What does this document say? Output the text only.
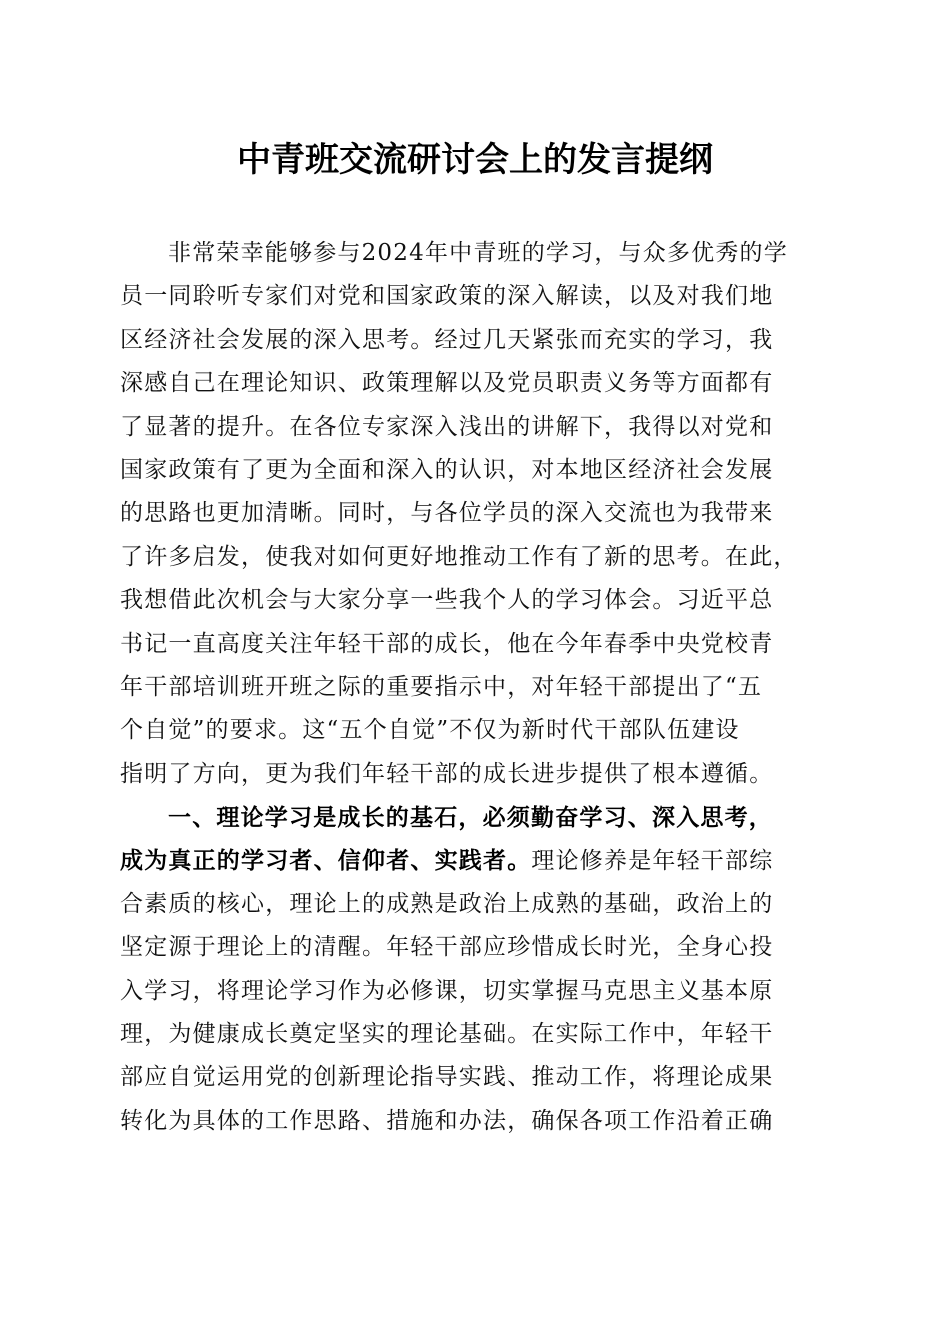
中青班交流研讨会上的发言提纲
非常荣幸能够参与2024年中青班的学习，与众多优秀的学
员一同聆听专家们对党和国家政策的深入解读，以及对我们地
区经济社会发展的深入思考。经过几天紧张而充实的学习，我
深感自己在理论知识、政策理解以及党员职责义务等方面都有
了显著的提升。在各位专家深入浅出的讲解下，我得以对党和
国家政策有了更为全面和深入的认识，对本地区经济社会发展
的思路也更加清晰。同时，与各位学员的深入交流也为我带来
了许多启发，使我对如何更好地推动工作有了新的思考。在此，
我想借此次机会与大家分享一些我个人的学习体会。习近平总
书记一直高度关注年轻干部的成长，他在今年春季中央党校青
年干部培训班开班之际的重要指示中，对年轻干部提出了“五
个自觉”的要求。这“五个自觉”不仅为新时代干部队伍建设
指明了方向，更为我们年轻干部的成长进步提供了根本遵循。
一、理论学习是成长的基石，必须勤奋学习、深入思考，
成为真正的学习者、信仰者、实践者。理论修养是年轻干部综
合素质的核心，理论上的成熟是政治上成熟的基础，政治上的
坚定源于理论上的清醒。年轻干部应珍惜成长时光，全身心投
入学习，将理论学习作为必修课，切实掌握马克思主义基本原
理，为健康成长奠定坚实的理论基础。在实际工作中，年轻干
部应自觉运用党的创新理论指导实践、推动工作，将理论成果
转化为具体的工作思路、措施和办法，确保各项工作沿着正确
